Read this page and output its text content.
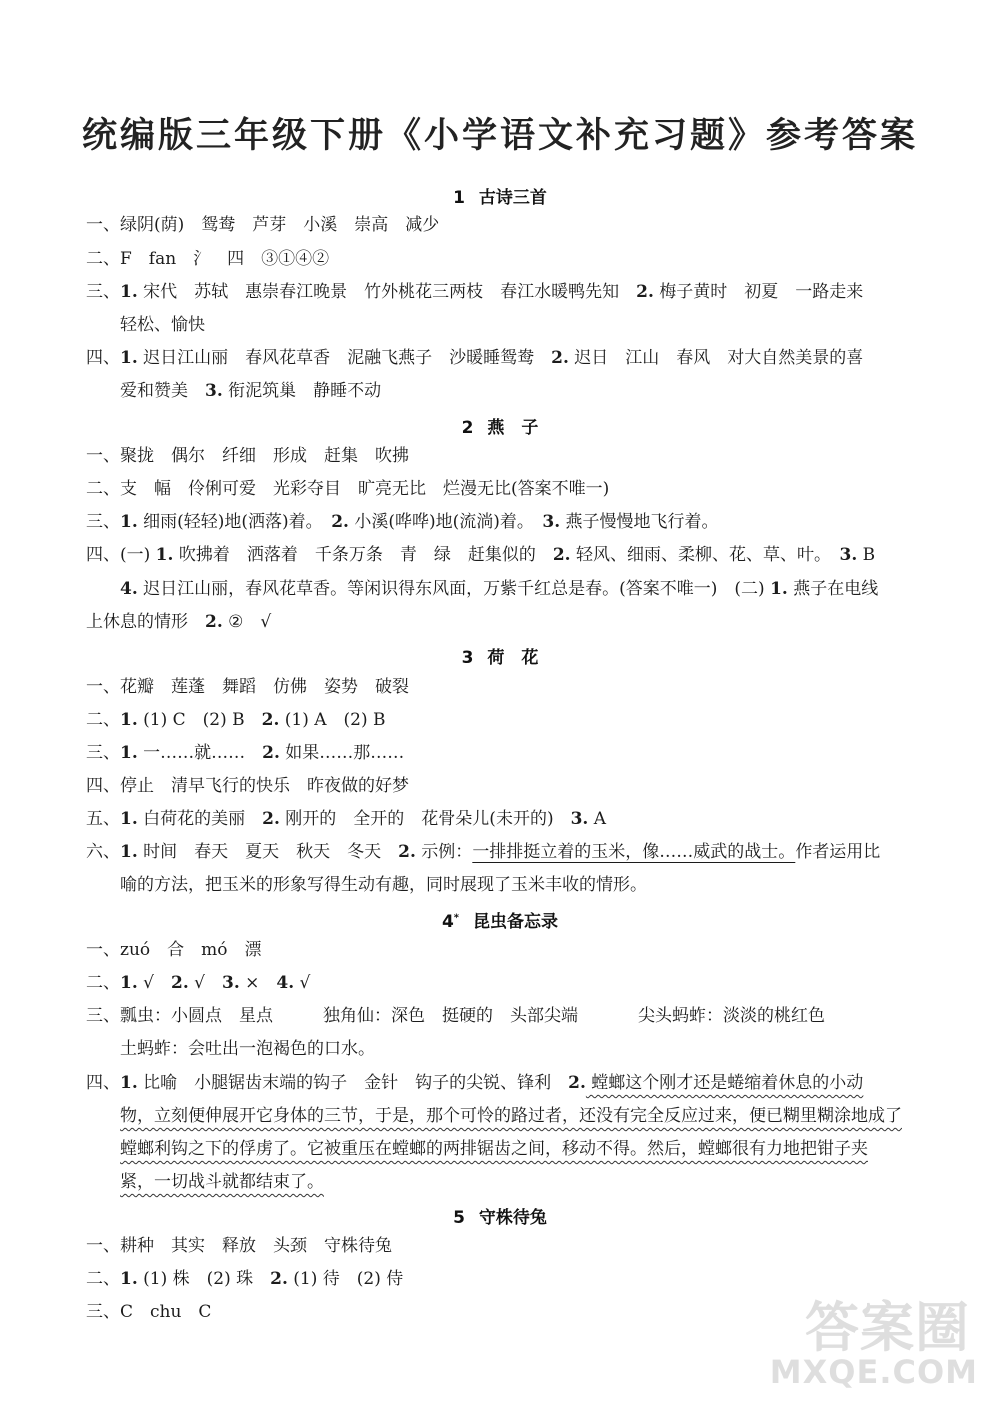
统编版三年级下册《小学语文补充习题》参考答案
1 古诗三首
一、绿阴(荫)　鸳鸯　芦芽　小溪　崇高　减少
二、F　fan　氵　四　③①④②
三、1. 宋代　苏轼　惠崇春江晚景　竹外桃花三两枝　春江水暖鸭先知　2. 梅子黄时　初夏　一路走来
轻松、愉快
四、1. 迟日江山丽　春风花草香　泥融飞燕子　沙暖睡鸳鸯　2. 迟日　江山　春风　对大自然美景的喜
爱和赞美　3. 衔泥筑巢　静睡不动
2 燕　子
一、聚拢　偶尔　纤细　形成　赶集　吹拂
二、支　幅　伶俐可爱　光彩夺目　旷亮无比　烂漫无比(答案不唯一)
三、1. 细雨(轻轻)地(洒落)着。　2. 小溪(哗哗)地(流淌)着。　3. 燕子慢慢地飞行着。
四、(一) 1. 吹拂着　洒落着　千条万条　青　绿　赶集似的　2. 轻风、细雨、柔柳、花、草、叶。　3. B
4. 迟日江山丽，春风花草香。等闲识得东风面，万紫千红总是春。(答案不唯一)　(二) 1. 燕子在电线
上休息的情形　2. ②　√
3 荷　花
一、花瓣　莲蓬　舞蹈　仿佛　姿势　破裂
二、1. (1) C　(2) B　2. (1) A　(2) B
三、1. 一……就……　2. 如果……那……
四、停止　清早飞行的快乐　昨夜做的好梦
五、1. 白荷花的美丽　2. 刚开的　全开的　花骨朵儿(未开的)　3. A
六、1. 时间　春天　夏天　秋天　冬天　2. 示例：一排排挺立着的玉米，像……威武的战士。作者运用比
喻的方法，把玉米的形象写得生动有趣，同时展现了玉米丰收的情形。
4* 昆虫备忘录
一、zuó　合　mó　漂
二、1. √　2. √　3. ×　4. √
三、瓢虫：小圆点　星点	独角仙：深色　挺硬的　头部尖端	尖头蚂蚱：淡淡的桃红色
土蚂蚱：会吐出一泡褐色的口水。
四、1. 比喻　小腿锯齿末端的钩子　金针　钩子的尖锐、锋利　2. 螳螂这个刚才还是蜷缩着休息的小动
物，立刻便伸展开它身体的三节，于是，那个可怜的路过者，还没有完全反应过来，便已糊里糊涂地成了
螳螂利钩之下的俘虏了。它被重压在螳螂的两排锯齿之间，移动不得。然后，螳螂很有力地把钳子夹
紧，一切战斗就都结束了。
5 守株待兔
一、耕种　其实　释放　头颈　守株待兔
二、1. (1) 株　(2) 珠　2. (1) 待　(2) 侍
三、C　chu　C	答案圈
MXQE.COM
